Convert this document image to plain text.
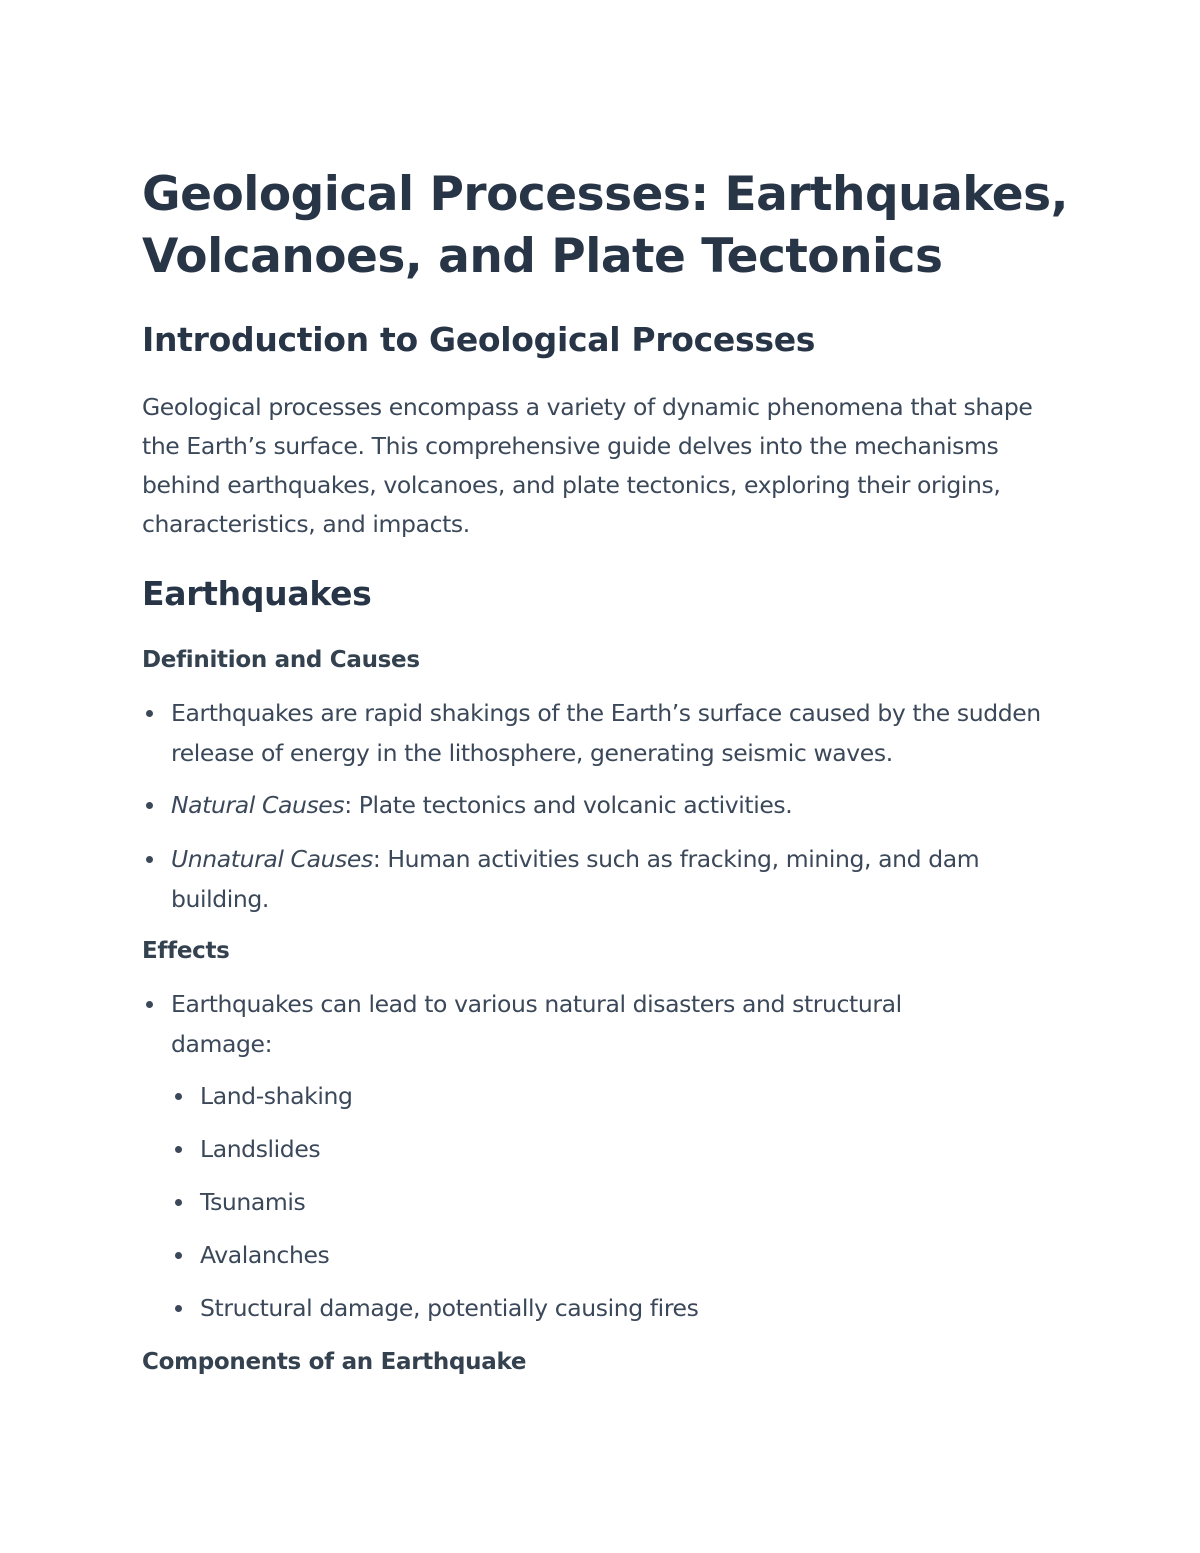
Geological Processes: Earthquakes, Volcanoes, and Plate Tectonics
Introduction to Geological Processes

Geological processes encompass a variety of dynamic phenomena that shape the Earth’s surface. This comprehensive guide delves into the mechanisms behind earthquakes, volcanoes, and plate tectonics, exploring their origins, characteristics, and impacts.

Earthquakes
Definition and Causes
Earthquakes are rapid shakings of the Earth’s surface caused by the sudden release of energy in the lithosphere, generating seismic waves.
Natural Causes: Plate tectonics and volcanic activities.
Unnatural Causes: Human activities such as fracking, mining, and dam building.
Effects
Earthquakes can lead to various natural disasters and structural damage:
Land-shaking
Landslides
Tsunamis
Avalanches
Structural damage, potentially causing fires
Components of an Earthquake
